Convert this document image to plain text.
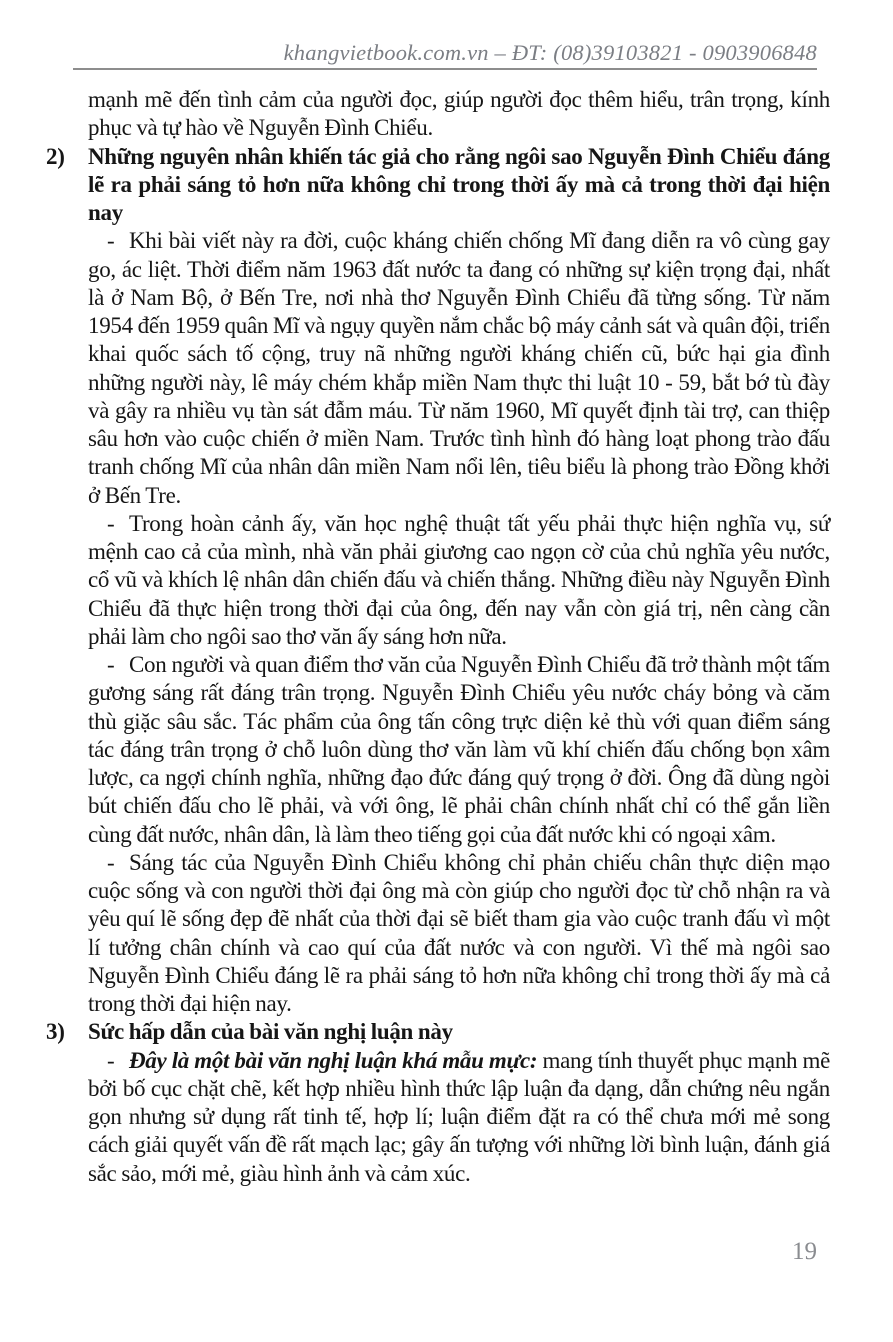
khangvietbook.com.vn – ĐT: (08)39103821 - 0903906848

mạnh mẽ đến tình cảm của người đọc, giúp người đọc thêm hiểu, trân trọng, kính phục và tự hào về Nguyễn Đình Chiểu.

2) Những nguyên nhân khiến tác giả cho rằng ngôi sao Nguyễn Đình Chiểu đáng lẽ ra phải sáng tỏ hơn nữa không chỉ trong thời ấy mà cả trong thời đại hiện nay

- Khi bài viết này ra đời, cuộc kháng chiến chống Mĩ đang diễn ra vô cùng gay go, ác liệt. Thời điểm năm 1963 đất nước ta đang có những sự kiện trọng đại, nhất là ở Nam Bộ, ở Bến Tre, nơi nhà thơ Nguyễn Đình Chiểu đã từng sống. Từ năm 1954 đến 1959 quân Mĩ và ngụy quyền nắm chắc bộ máy cảnh sát và quân đội, triển khai quốc sách tố cộng, truy nã những người kháng chiến cũ, bức hại gia đình những người này, lê máy chém khắp miền Nam thực thi luật 10 - 59, bắt bớ tù đày và gây ra nhiều vụ tàn sát đẫm máu. Từ năm 1960, Mĩ quyết định tài trợ, can thiệp sâu hơn vào cuộc chiến ở miền Nam. Trước tình hình đó hàng loạt phong trào đấu tranh chống Mĩ của nhân dân miền Nam nổi lên, tiêu biểu là phong trào Đồng khởi ở Bến Tre.

- Trong hoàn cảnh ấy, văn học nghệ thuật tất yếu phải thực hiện nghĩa vụ, sứ mệnh cao cả của mình, nhà văn phải giương cao ngọn cờ của chủ nghĩa yêu nước, cổ vũ và khích lệ nhân dân chiến đấu và chiến thắng. Những điều này Nguyễn Đình Chiểu đã thực hiện trong thời đại của ông, đến nay vẫn còn giá trị, nên càng cần phải làm cho ngôi sao thơ văn ấy sáng hơn nữa.

- Con người và quan điểm thơ văn của Nguyễn Đình Chiểu đã trở thành một tấm gương sáng rất đáng trân trọng. Nguyễn Đình Chiểu yêu nước cháy bỏng và căm thù giặc sâu sắc. Tác phẩm của ông tấn công trực diện kẻ thù với quan điểm sáng tác đáng trân trọng ở chỗ luôn dùng thơ văn làm vũ khí chiến đấu chống bọn xâm lược, ca ngợi chính nghĩa, những đạo đức đáng quý trọng ở đời. Ông đã dùng ngòi bút chiến đấu cho lẽ phải, và với ông, lẽ phải chân chính nhất chỉ có thể gắn liền cùng đất nước, nhân dân, là làm theo tiếng gọi của đất nước khi có ngoại xâm.

- Sáng tác của Nguyễn Đình Chiểu không chỉ phản chiếu chân thực diện mạo cuộc sống và con người thời đại ông mà còn giúp cho người đọc từ chỗ nhận ra và yêu quí lẽ sống đẹp đẽ nhất của thời đại sẽ biết tham gia vào cuộc tranh đấu vì một lí tưởng chân chính và cao quí của đất nước và con người. Vì thế mà ngôi sao Nguyễn Đình Chiểu đáng lẽ ra phải sáng tỏ hơn nữa không chỉ trong thời ấy mà cả trong thời đại hiện nay.

3) Sức hấp dẫn của bài văn nghị luận này

- Đây là một bài văn nghị luận khá mẫu mực: mang tính thuyết phục mạnh mẽ bởi bố cục chặt chẽ, kết hợp nhiều hình thức lập luận đa dạng, dẫn chứng nêu ngắn gọn nhưng sử dụng rất tinh tế, hợp lí; luận điểm đặt ra có thể chưa mới mẻ song cách giải quyết vấn đề rất mạch lạc; gây ấn tượng với những lời bình luận, đánh giá sắc sảo, mới mẻ, giàu hình ảnh và cảm xúc.

19
